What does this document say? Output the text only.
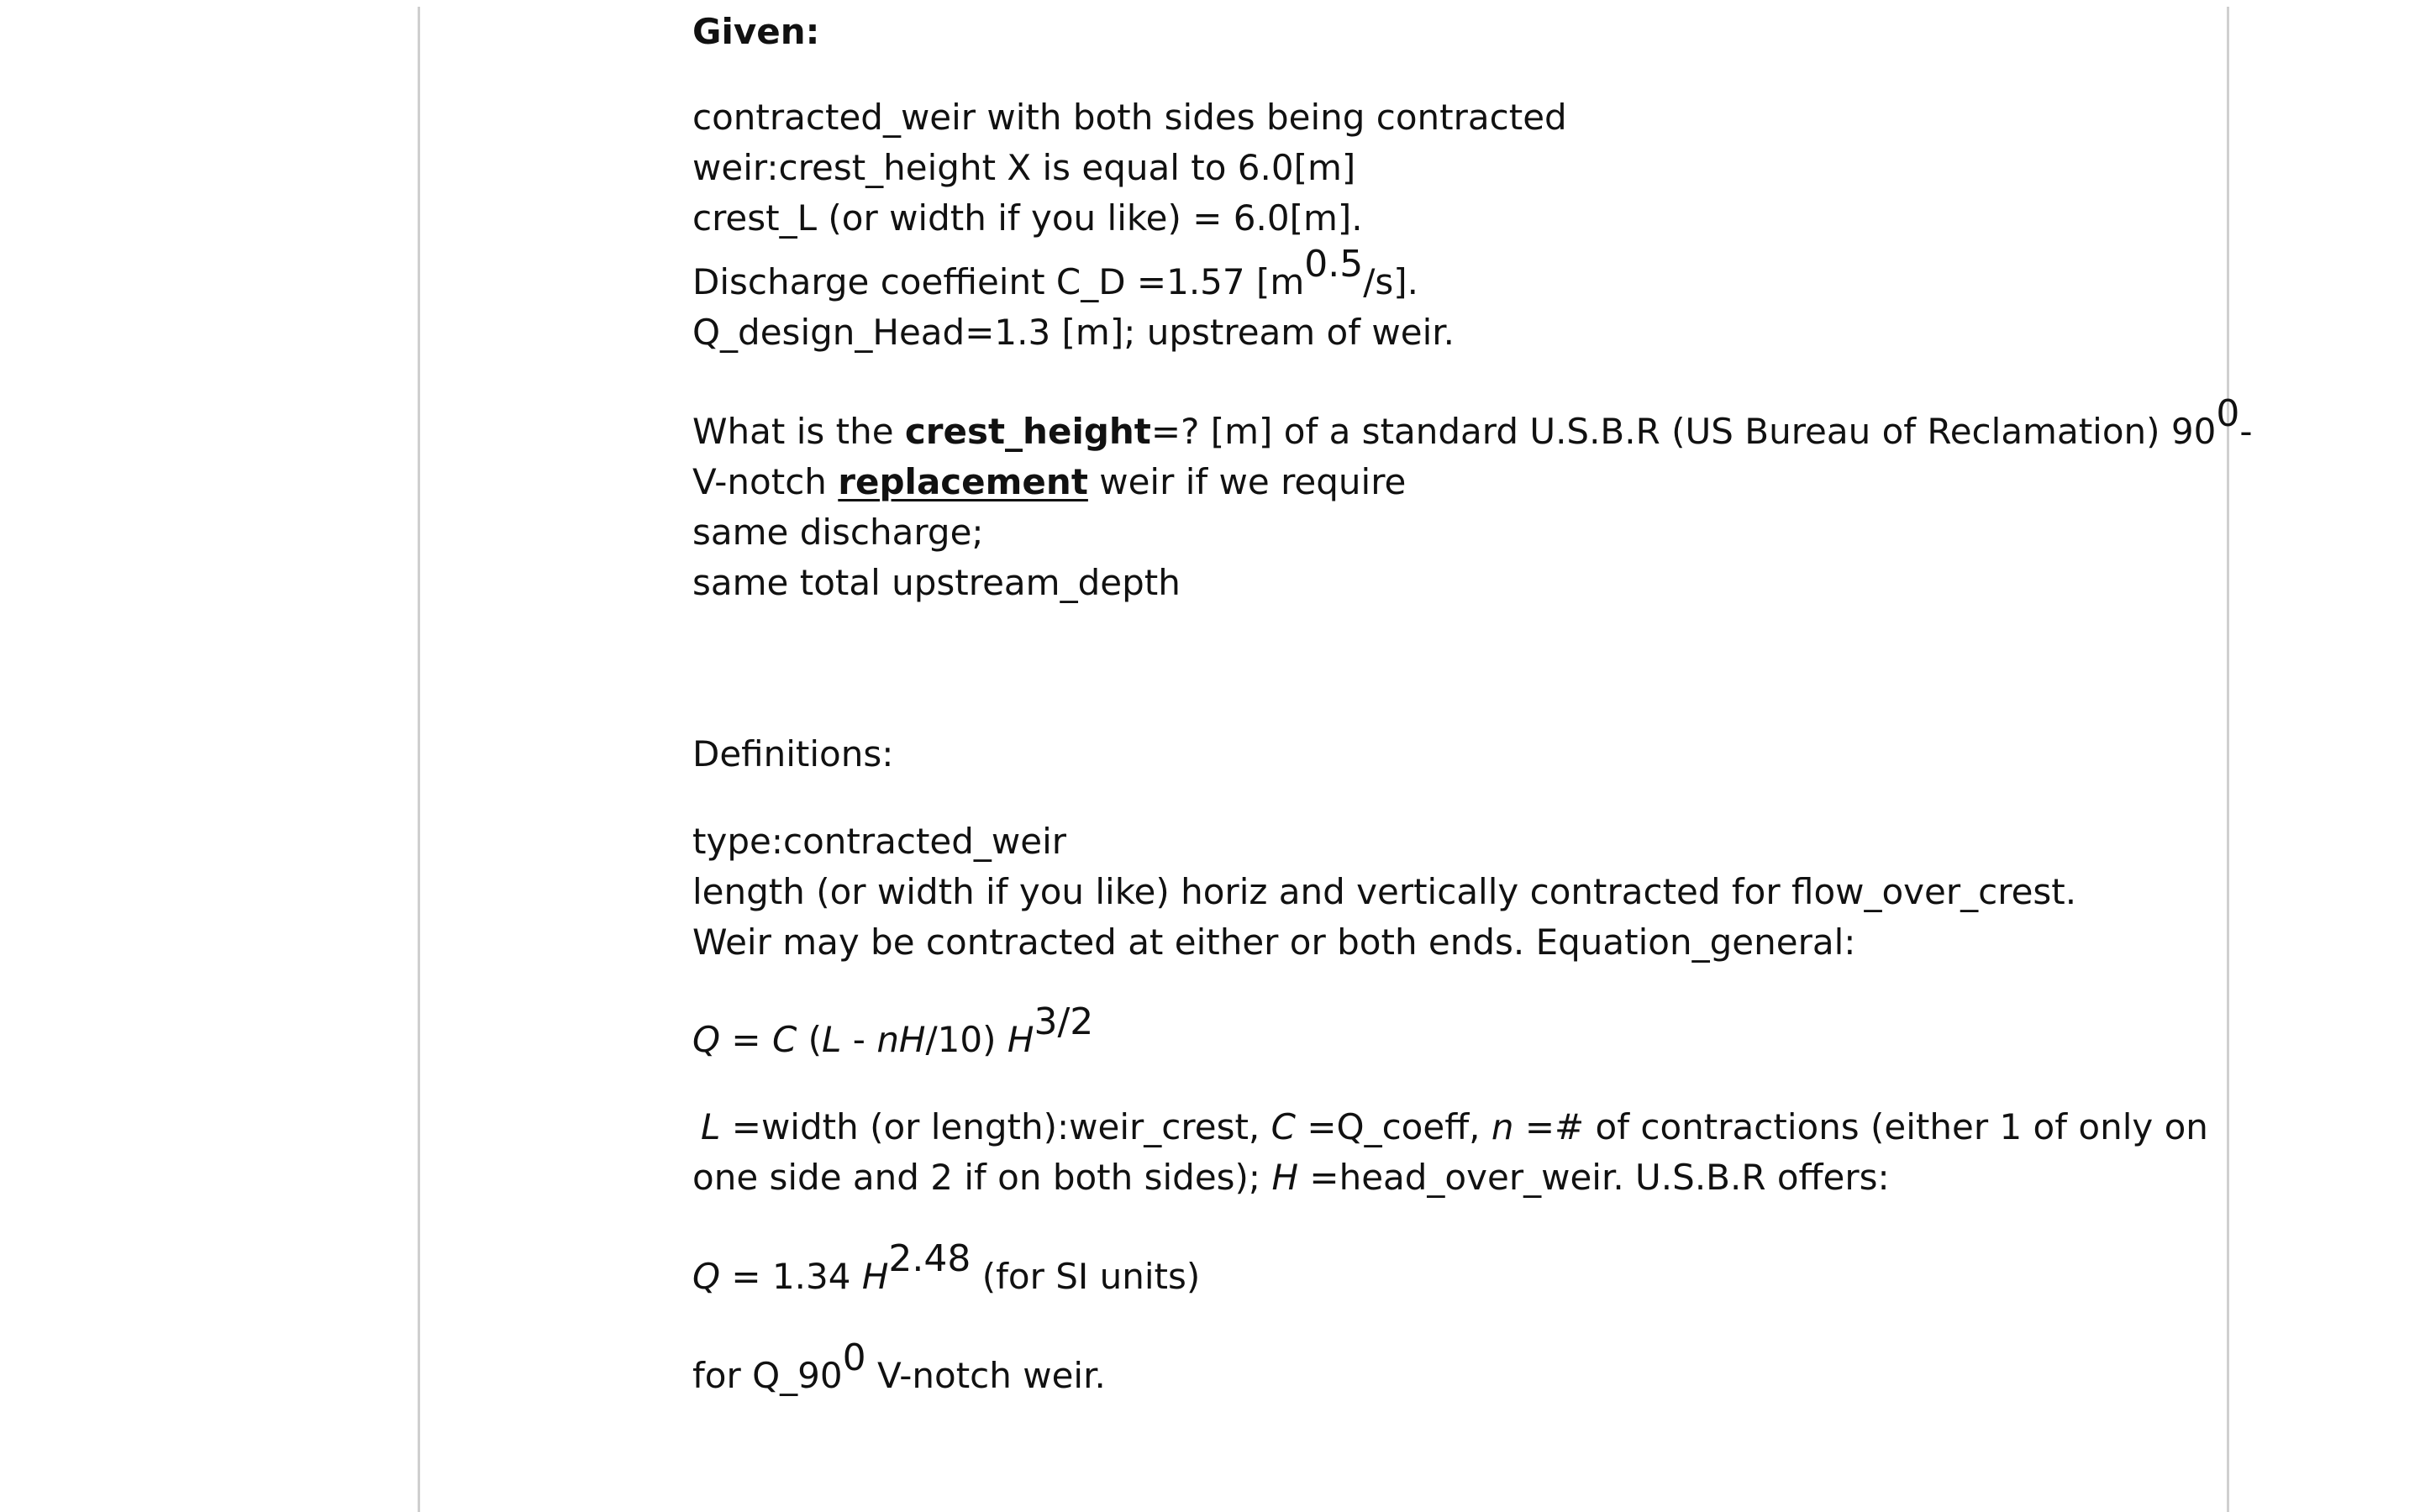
Given:
contracted_weir with both sides being contracted
weir:crest_height X is equal to 6.0[m]
crest_L (or width if you like) = 6.0[m].
Discharge coeffieint C_D =1.57 $[m^{0.5}/s]$.
Q_design_Head=1.3 [m]; upstream of weir.
What is the crest_height=? [m] of a standard U.S.B.R (US Bureau of Reclamation) $90^0-$
V-notch replacement weir if we require
same discharge;
same total upstream_depth
Definitions:
type:contracted_weir
length (or width if you like) horiz and vertically contracted for flow_over_crest.
Weir may be contracted at either or both ends. Equation_general:
Q = C (L - nH/10) $H^{3/2}$
L =width (or length):weir_crest, C =Q_coeff, n =# of contractions (either 1 of only on
one side and 2 if on both sides); H =head_over_weir. U.S.B.R offers:
Q = 1.34 $H^{2.48}$ (for SI units)
for $Q\_90^0$ V-notch weir.
